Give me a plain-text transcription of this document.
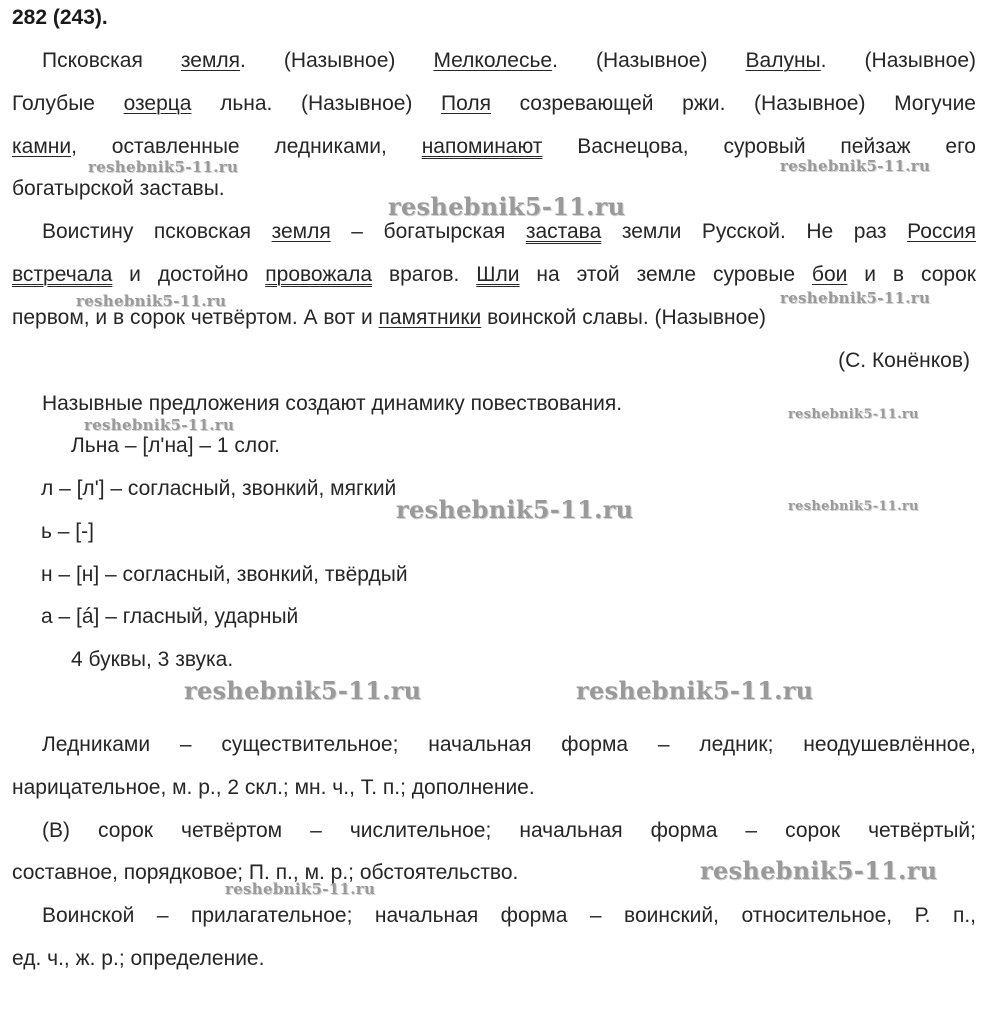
282 (243).
Псковская земля. (Назывное) Мелколесье. (Назывное) Валуны. (Назывное)
Голубые озерца льна. (Назывное) Поля созревающей ржи. (Назывное) Могучие
камни, оставленные ледниками, напоминают Васнецова, суровый пейзаж его
богатырской заставы.
Воистину псковская земля – богатырская застава земли Русской. Не раз Россия
встречала и достойно провожала врагов. Шли на этой земле суровые бои и в сорок
первом, и в сорок четвёртом. А вот и памятники воинской славы. (Назывное)
(С. Конёнков)
Назывные предложения создают динамику повествования.
Льна – [л'на] – 1 слог.
л – [л'] – согласный, звонкий, мягкий
ь – [-]
н – [н] – согласный, звонкий, твёрдый
а – [á] – гласный, ударный
4 буквы, 3 звука.
Ледниками – существительное; начальная форма – ледник; неодушевлённое,
нарицательное, м. р., 2 скл.; мн. ч., Т. п.; дополнение.
(В) сорок четвёртом – числительное; начальная форма – сорок четвёртый;
составное, порядковое; П. п., м. р.; обстоятельство.
Воинской – прилагательное; начальная форма – воинский, относительное, Р. п.,
ед. ч., ж. р.; определение.
reshebnik5-11.ru	reshebnik5-11.ru
reshebnik5-11.ru
reshebnik5-11.ru	reshebnik5-11.ru
reshebnik5-11.ru
reshebnik5-11.ru
reshebnik5-11.ru	reshebnik5-11.ru
reshebnik5-11.ru	reshebnik5-11.ru
reshebnik5-11.ru
reshebnik5-11.ru
